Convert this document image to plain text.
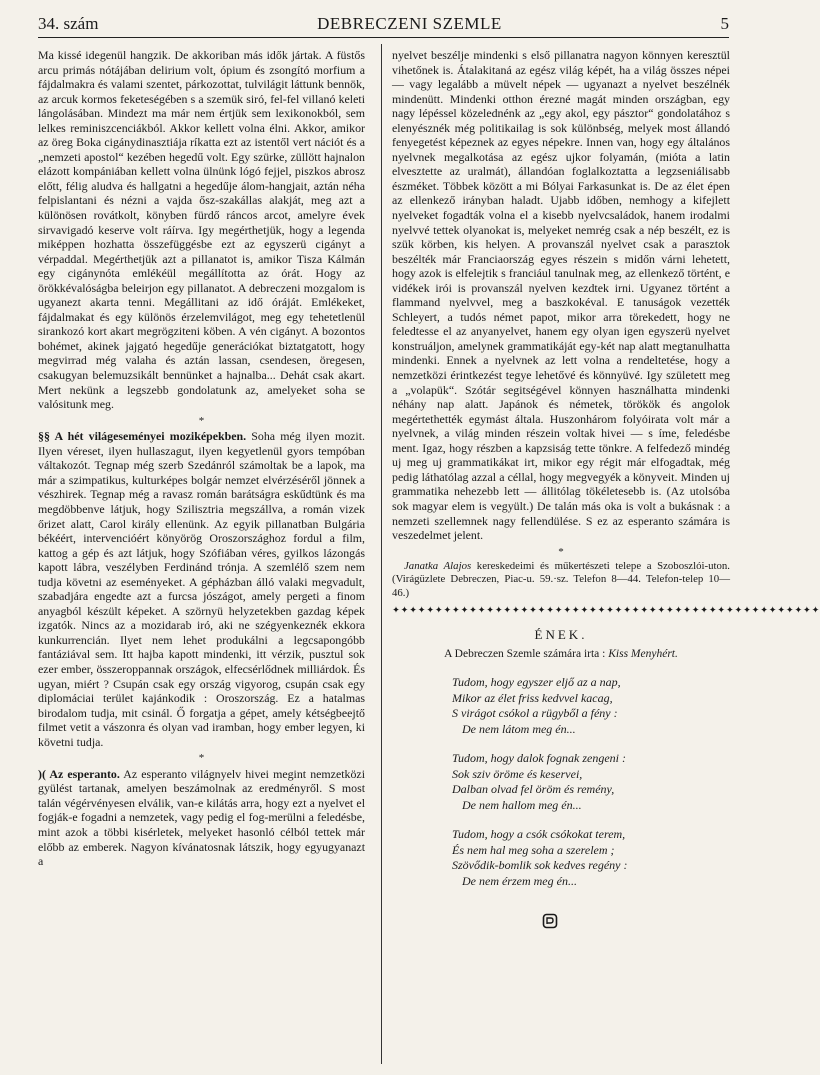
34. szám	DEBRECZENI SZEMLE	5

Ma kissé idegenül hangzik. De akkoriban más idők jártak. A füstős arcu primás nótájában delirium volt, ópium és zsongító morfium a fájdalmakra és valami szentet, párkozottat, tulvilágit láttunk bennök, az arcuk kormos feketeségében s a szemük siró, fel-fel villanó keleti lángolásában. Mindezt ma már nem értjük sem lexikonokból, sem lelkes reminiszcenciákból. Akkor kellett volna élni. Akkor, amikor az öreg Boka cigánydinasztiája ríkatta ezt az istentől vert nációt és a „nemzeti apostol“ kezében hegedű volt. Egy szürke, züllött hajnalon elázott kompániában kellett volna ülnünk lógó fejjel, piszkos abrosz előtt, félig aludva és hallgatni a hegedűje álom-hangjait, aztán néha felpislantani és nézni a vajda ősz-szakállas alakját, meg azt a különösen rovátkolt, könyben fürdő ráncos arcot, amelyre évek sirvavigadó keserve volt ráírva. Igy megérthetjük, hogy a legenda miképpen hozhatta összefüggésbe ezt az egyszerü cigányt a vérpaddal. Megérthetjük azt a pillanatot is, amikor Tisza Kálmán egy cigánynóta emlékéül megállította az órát. Hogy az örökkévalóságba beleirjon egy pillanatot. A debreczeni mozgalom is ugyanezt akarta tenni. Megállitani az idő óráját. Emlékeket, fájdalmakat és egy különös érzelemvilágot, meg egy tehetetlenül sirankozó kort akart megrögziteni köben. A vén cigányt. A bozontos bohémet, akinek jajgató hegedűje generációkat biztatgatott, hogy megvirrad még valaha és aztán lassan, csendesen, öregesen, csakugyan belemuzsikált bennünket a hajnalba... Dehát csak akart. Mert nekünk a legszebb gondolatunk az, amelyeket soha se valósitunk meg.

*

§§ A hét világeseményei moziképekben. Soha még ilyen mozit. Ilyen véreset, ilyen hullaszagut, ilyen kegyetlenül gyors tempóban váltakozót. Tegnap még szerb Szedánról számoltak be a lapok, ma már a szimpatikus, kulturképes bolgár nemzet elvérzéséről jönnek a vészhirek. Tegnap még a ravasz román barátságra eskűdtünk és ma megdöbbenve látjuk, hogy Szilisztria megszállva, a román vizek őrizet alatt, Carol király ellenünk. Az egyik pillanatban Bulgária békéért, intervencióért könyörög Oroszországhoz fordul a film, kattog a gép és azt látjuk, hogy Szófiában véres, gyilkos lázongás kapott lábra, veszélyben Ferdinánd trónja. A szemlélő szem nem tudja követni az eseményeket. A gépházban álló valaki megvadult, szabadjára engedte azt a furcsa jószágot, amely pergeti a finom anyagból készült képeket. A szörnyü helyzetekben gazdag képek izgatók. Nincs az a mozidarab iró, aki ne szégyenkeznék ekkora kunkurrencián. Ilyet nem lehet produkálni a legcsapongóbb fantáziával sem. Itt hajba kapott mindenki, itt vérzik, pusztul sok ezer ember, összeroppannak országok, elfecsérlődnek milliárdok. És ugyan, miért ? Csupán csak egy ország vigyorog, csupán csak egy diplomáciai terület kajánkodik : Oroszország. Ez a hatalmas birodalom tudja, mit csinál. Ő forgatja a gépet, amely kétségbeejtő filmet vetit a vászonra és olyan vad iramban, hogy ember legyen, ki követni tudja.

*

)( Az esperanto. Az esperanto világnyelv hivei megint nemzetközi gyülést tartanak, amelyen beszámolnak az eredményről. S most talán végérvényesen elválik, van-e kilátás arra, hogy ezt a nyelvet el fogják-e fogadni a nemzetek, vagy pedig el fog-merülni a feledésbe, mint azok a többi kisérletek, melyeket hasonló célból tettek már előbb az emberek. Nagyon kívánatosnak látszik, hogy egyugyanazt a

nyelvet beszélje mindenki s első pillanatra nagyon könnyen keresztül vihetőnek is. Átalakitaná az egész világ képét, ha a világ összes népei — vagy legalább a müvelt népek — ugyanazt a nyelvet beszélnék mindenütt. Mindenki otthon érezné magát minden országban, egy nagy lépéssel közelednénk az „egy akol, egy pásztor“ gondolatához s elenyésznék még politikailag is sok különbség, melyek most állandó fenyegetést képeznek az egyes népekre. Innen van, hogy egy általános nyelvnek megalkotása az egész ujkor folyamán, (mióta a latin elvesztette az uralmát), állandóan foglalkoztatta a legzseniálisabb észméket. Többek között a mi Bólyai Farkasunkat is. De az élet épen az ellenkező irányban haladt. Ujabb időben, nemhogy a kifejlett nyelveket fogadták volna el a kisebb nyelvcsaládok, hanem irodalmi nyelvvé tettek olyanokat is, melyeket nemrég csak a nép beszélt, ez is szük körben, kis helyen. A provanszál nyelvet csak a parasztok beszélték már Franciaország egyes részein s midőn várni lehetett, hogy azok is elfelejtik s franciául tanulnak meg, az ellenkező történt, e vidékek irói is provanszál nyelven kezdtek irni. Ugyanez történt a flammand nyelvvel, meg a baszkokéval. E tanuságok vezették Schleyert, a tudós német papot, mikor arra törekedett, hogy ne feledtesse el az anyanyelvet, hanem egy olyan igen egyszerü nyelvet konstruáljon, amelynek grammatikáját egy-két nap alatt megtanulhatta mindenki. Ennek a nyelvnek az lett volna a rendeltetése, hogy a nemzetközi érintkezést tegye lehetővé és könnyüvé. Igy született meg a „volapük“. Szótár segitségével könnyen használhatta mindenki néhány nap alatt. Japánok és németek, törökök és angolok megértethették egymást általa. Huszonhárom folyóirata volt már a nyelvnek, a világ minden részein voltak hivei — s íme, feledésbe ment. Igaz, hogy részben a kapzsiság tette tönkre. A felfedező mindég uj meg uj grammatikákat irt, mikor egy régit már elfogadtak, még pedig láthatólag azzal a céllal, hogy megvegyék a könyveit. Minden uj grammatika nehezebb lett — állitólag tökéletesebb is. (Az utolsóba sok magyar elem is vegyült.) De talán más oka is volt a bukásnak : a nemzeti szellemnek nagy fellendülése. S ez az esperanto számára is veszedelmet jelent.

*

Janatka Alajos kereskedeimi és műkertészeti telepe a Szoboszlói-uton. (Virágüzlete Debreczen, Piac-u. 59.·sz. Telefon 8—44. Telefon-telep 10—46.)

✦✦✦✦✦✦✦✦✦✦✦✦✦✦✦✦✦✦✦✦✦✦✦✦✦✦✦✦✦✦✦✦✦✦✦✦✦✦✦✦✦✦✦✦✦✦✦✦✦✦
ÉNEK.
A Debreczen Szemle számára irta : Kiss Menyhért.
Tudom, hogy egyszer eljő az a nap,
Mikor az élet friss kedvvel kacag,
S virágot csókol a rügyből a fény :
De nem látom meg én...
Tudom, hogy dalok fognak zengeni :
Sok sziv öröme és keservei,
Dalban olvad fel öröm és remény,
De nem hallom meg én...
Tudom, hogy a csók csókokat terem,
És nem hal meg soha a szerelem ;
Szövődik-bomlik sok kedves regény :
De nem érzem meg én...
